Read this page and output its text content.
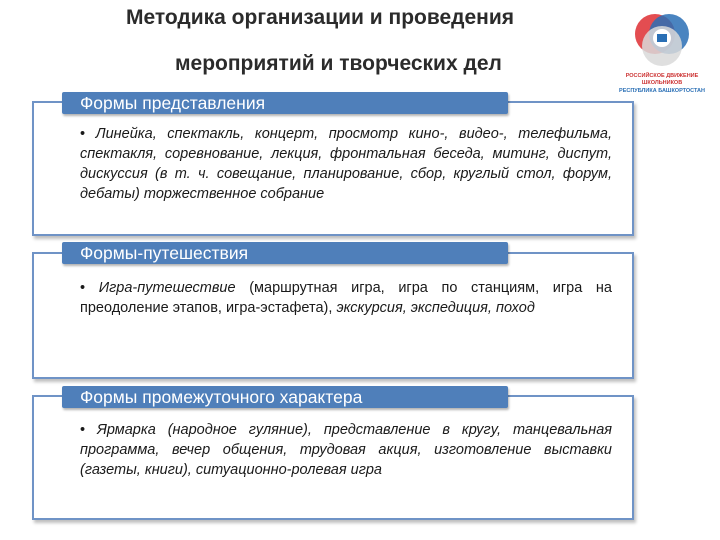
Методика организации и проведения
мероприятий и творческих дел
РОССИЙСКОЕ ДВИЖЕНИЕ ШКОЛЬНИКОВ
РЕСПУБЛИКА БАШКОРТОСТАН
Формы представления
• Линейка, спектакль, концерт, просмотр кино-, видео-, телефильма, спектакля, соревнование, лекция, фронтальная беседа, митинг, диспут, дискуссия (в т. ч. совещание, планирование, сбор, круглый стол, форум, дебаты) торжественное собрание
Формы-путешествия
• Игра-путешествие (маршрутная игра, игра по станциям, игра на преодоление этапов, игра-эстафета), экскурсия, экспедиция, поход
Формы промежуточного характера
• Ярмарка (народное гуляние), представление в кругу, танцевальная программа, вечер общения, трудовая акция, изготовление выставки (газеты, книги), ситуационно-ролевая игра
